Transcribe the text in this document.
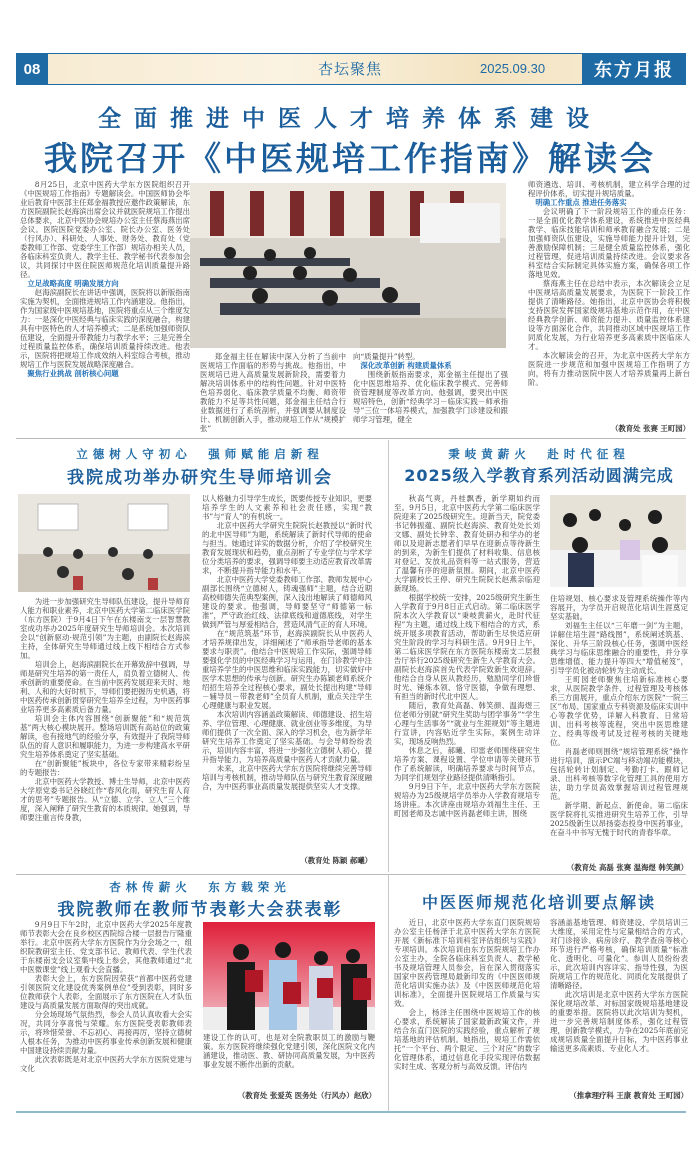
08	杏坛聚焦	2025.09.30	东方月报
全面推进中医人才培养体系建设
我院召开《中医规培工作指南》解读会

8月25日，北京中医药大学东方医院组织召开《中医规培工作指南》专题解读会。中国医师协会毕业后教育中医部主任郑金福教授应邀作政策解读，东方医院副院长赵海滨出席会议并就医院规培工作提出总体要求，北京中医协会规培办公室主任蔡海燕出席会议。医院医院党委办公室、院长办公室、医务处（行风办）、科研处、人事处、财务处、教育处（党委教师工作部、党委学生工作部）规培办相关人员，各临床科室负责人、教学主任、教学秘书代表参加会议，共同探讨中医住院医师规范化培训质量提升路径。

立足战略高度 明确发展方向

赵海滨副院长在讲话中强调，医院将以新版指南实施为契机，全面推进规培工作内涵建设。他指出，作为国家级中医规培基地，医院将重点从三个维度发力：一是深化中医经典与临床实践的深度融合，构建具有中医特色的人才培养模式；二是系统加强师资队伍建设，全面提升带教能力与教学水平；三是完善全过程质量监控体系，确保培训质量持续改进。他表示，医院将把规培工作成效纳入科室综合考核，推动规培工作与医院发展战略深度融合。

聚焦行业挑战 剖析核心问题

郑金福主任在解读中深入分析了当前中医规培工作面临的形势与挑战。他指出，中医规培已进入高质量发展新阶段，需要着力解决培训体系中的结构性问题。针对中医特色培养弱化、临床教学质量不均衡、师资带教能力不足等共性问题，郑金福主任结合行业数据进行了系统剖析，并强调要从制度设计、机制创新入手，推动规培工作从“规模扩张”

向“质量提升”转型。

深化改革创新 构建质量体系

围绕新版指南要求，郑金福主任提出了强化中医思维培养、优化临床教学模式、完善师资管理制度等改革方向。他强调，要突出中医规培特色，创新“经典学习－临床实践－师承指导”三位一体培养模式，加强教学门诊建设和跟师学习管理，健全

师资遴选、培训、考核机制，建立科学合理的过程评价体系，切实提升规培质量。

明确工作重点 推进任务落实

会议明确了下一阶段规培工作的重点任务：一是全面优化教学体系建设，系统推进中医经典教学、临床技能培训和师承教育融合发展；二是加强师资队伍建设，实施导师能力提升计划，完善激励保障机制；三是健全质量监控体系，强化过程管理，促进培训质量持续改进。会议要求各科室结合实际制定具体实施方案，确保各项工作落地见效。

蔡海燕主任在总结中表示，本次解读会立足中医规培高质量发展要求，为医院下一阶段工作提供了清晰路径。她指出，北京中医协会将积极支持医院发挥国家级规培基地示范作用，在中医经典教学创新、师资能力提升、质量监控体系建设等方面深化合作，共同推动区域中医规培工作同质化发展，为行业培养更多高素质中医临床人才。

本次解读会的召开，为北京中医药大学东方医院进一步规范和加强中医规培工作指明了方向，将有力推动医院中医人才培养质量再上新台阶。

（教育处 张赛 王町园）
立德树人守初心　强师赋能启新程
我院成功举办研究生导师培训会

为进一步加强研究生导师队伍建设，提升导师育人能力和职业素养，北京中医药大学第二临床医学院（东方医院）于9月4日下午在东楼南支一层智慧教室成功举办2025年度研究生导师培训会。本次培训会以“创新驱动·规范引领”为主题，由副院长赵海滨主持，全体研究生导师通过线上线下相结合方式参加。

培训会上，赵海滨副院长在开幕致辞中强调，导师是研究生培养的第一责任人，肩负着立德树人、传承创新的重要使命。在当前中医药发展迎来天时、地利、人和的大好时机下，导师们要把握历史机遇，将中医药传承创新贯穿研究生培养全过程，为中医药事业培养更多高素质后备力量。

培训会主体内容围绕“创新聚能”和“规范筑基”两大核心模块展开。整场培训既有高站位的政策解读，也有接地气的经验分享，有效提升了我院导师队伍的育人意识和履职能力，为进一步构建高水平研究生培养体系奠定了坚实基础。

在“创新聚能”板块中，各位专家带来精彩纷呈的专题报告：

北京中医药大学教授、博士生导师，北京中医药大学原党委书记谷晓红作“春风化雨，研究生育人育才的思考”专题报告。从“立德、立学、立人”三个维度，深入阐释了研究生教育的本质规律。她强调，导师要注重言传身教，

以人格魅力引导学生成长，既要传授专业知识，更要培养学生的人文素养和社会责任感，实现“教书”与“育人”的有机统一。

北京中医药大学研究生院院长赵教授以“新时代的北中医导师”为题，系统解读了新时代导师的使命与担当。她通过详实的数据分析，介绍了学校研究生教育发展现状和趋势，重点剖析了专业学位与学术学位分类培养的要求，强调导师要主动适应教育改革需求，不断提升指导能力和水平。

北京中医药大学党委教师工作部、教师发展中心副部长围绕“立德树人，铸魂强师”主题，结合近期高校师德失范典型案例，深入浅出地解读了师德师风建设的要求。他强调，导师要坚守“师德第一标准”，严守政治红线、法律底线和道德底线，对学生做到严管与厚爱相结合，营造风清气正的育人环境。

在“规范筑基”环节，赵海滨副院长从中医药人才培养规律出发，详细阐述了“师承指导老师的基本要求与职责”。他结合中医规培工作实际，强调导师要强化学员的中医经典学习与运用，在门诊教学中注重培养学生的中医思维和临床实践能力，切实做好中医学术思想的传承与创新。研究生办陈颖老师系统介绍招生培养全过程核心要求，副处长提出构建“导师－辅导员－带教老师”全员育人机制，重点关注学生心理健康与职业发展。

本次培训内容涵盖政策解读、师德建设、招生培养、学位管理、心理健康、就业创业等多维度，为导师们提供了一次全面、深入的学习机会，也为新学年研究生培养工作奠定了坚实基础。与会导师纷纷表示，培训内容丰富，将进一步强化立德树人初心，提升指导能力，为培养高质量中医药人才贡献力量。

未来，北京中医药大学东方医院将继续完善导师培训与考核机制，推动导师队伍与研究生教育深度融合，为中医药事业高质量发展提供坚实人才支撑。

（教育处 陈颖 郝曦）
秉岐黄薪火　赴时代征程
2025级入学教育系列活动圆满完成

秋高气爽，丹桂飘香，新学期如约而至。9月5日，北京中医药大学第二临床医学院迎来了2025级研究生。迎新当天，院党委书记韩振蕴、副院长赵海滨、教育处处长刘文娜、副处长钟幸、教育处研办和学办的老师以及迎新志愿者们早早在迎新点等待新生的到来，为新生们提供了材料收集、信息核对登记、发放礼品资料等一站式服务，营造了温馨有序的迎新氛围。期间，北京中医药大学副校长王停、研究生院院长赵燕亲临迎新现场。

根据学校统一安排，2025级研究生新生入学教育于9月8日正式启动。第二临床医学院本次入学教育以“秉岐黄薪火，赴时代征程”为主题，通过线上线下相结合的方式，系统开展多项教育活动，帮助新生尽快适应研究生阶段的学习与科研生活。9月9日上午，第二临床医学院在东方医院东楼南支二层报告厅举行2025级研究生新生入学教育大会。副院长赵海滨首先代表学院致新生欢迎辞。他结合自身从医从教经历，勉励同学们珍惜时光、锤炼本领、恪守医德，争做有理想、有担当的新时代北中医人。

随后，教育处高磊、韩笑颜、温海煜三位老师分别就“研究生奖助与团学事务”“学生心理与生活事务”“就业与生涯规划”等主题进行宣讲，内容贴近学生实际，案例生动详实，现场反响热烈。

休息之后，郝曦、印雷老师围绕研究生培养方案、课程设置、学位申请等关键环节作了系统解读，明确培养要求与时间节点，为同学们规划学业路径提供清晰指引。

9月9日下午，北京中医药大学东方医院规培办为25级规培学员举办入学教育规培专场讲座。本次讲座由规培办刘福生主任、王町园老师及志诚中医肖磊老师主讲，围绕

住培规划、核心要求及管理系统操作等内容展开，为学员开启规范化培训生涯奠定坚实基础。

刘福生主任以“三年磨一剑”为主题，详解住培生涯“路线图”，系统阐述筑基、深化、升华三阶段核心任务，强调中医经典学习与临床思维融合的重要性，并分享思维增值、能力提升等四大“增值秘笈”，引导学员化被动轮转为主动成长。

王町园老师聚焦住培新标准核心要求，从医院教学条件、过程管理及考核体系三方面展开，重点介绍东方医院“一院三区”布局、国家重点专科资源及临床实训中心等教学优势，详解入科教育、日常培训、出科考核等流程，突出中医思维建立、经典等级考试及过程考核的关键地位。

肖磊老师则围绕“规培管理系统”操作进行培训，演示PC端与移动端功能模块，包括轮转计划制定、考勤打卡、跟师记录、出科考核等数字化管理工具的使用方法，助力学员高效掌握培训过程管理规范。

新学期、新起点、新使命。第二临床医学院将扎实推进研究生培养工作，引导2025级新生以昂扬姿态投身中医药事业，在奋斗中书写无愧于时代的青春华章。

（教育处 高磊 张赛 温海煜 韩笑颜）
杏林传薪火　东方载荣光
我院教师在教师节表彰大会获表彰

9月9日下午2时，北京中医药大学2025年度教师节表彰大会在良乡校区西院综合楼一层报告厅隆重举行。北京中医药大学东方医院作为分会场之一，组织院教研室主任、党支部书记、教师代表、学生代表于东楼南支会议室集中线上参会，其他教师通过“北中医微课堂”线上观看大会直播。

表彰大会上，东方医院因荣获“首都中医药党建引领医院文化建设优秀案例单位”受到表彰，同时多位教师获个人表彰，全面展示了东方医院在人才队伍建设与高质量发展方面取得的突出成就。

分会场现场气氛热烈，参会人员认真收看大会实况，共同分享喜悦与荣耀。东方医院受表彰教师表示，将珍惜荣誉、不忘初心、再接再厉，坚持立德树人根本任务，为推动中医药事业传承创新发展和健康中国建设持续贡献力量。

此次表彰既是对北京中医药大学东方医院党建与文化

建设工作的认可，也是对全院教职员工的激励与鞭策。东方医院将继续强化党建引领，深化医院文化内涵建设，推动医、教、研协同高质量发展，为中医药事业发展不断作出新的贡献。

（教育处 张爱英 医务处（行风办）赵欣）
中医医师规范化培训要点解读

近日，北京中医药大学东直门医院规培办公室主任杨泽于北京中医药大学东方医院开展《新标准下培训科室评估组织与实践》专项培训。本次培训由东方医院规培工作办公室主办，全院各临床科室负责人、教学秘书及规培管理人员参会，旨在深入贯彻落实国家中医药管理局最新印发的《中医医师规范化培训实施办法》及《中医医师规范化培训标准》，全面提升医院规培工作质量与实效。

会上，杨泽主任围绕中医规培工作的核心要求，系统解读了国家最新政策文件，并结合东直门医院的实践经验，重点解析了规培基地的评估机制。她指出，规培工作需依托“一个平台、两个限定、三个对应”的数字化管理体系，通过信息化手段实现评估数据实时生成、客观分析与高效反馈。评估内

容涵盖基地管理、师资建设、学员培训三大维度，采用定性与定量相结合的方式，对门诊接诊、病房诊疗、教学查房等核心环节进行严格考核，确保培训质量“标准化、透明化、可量化”。参训人员纷纷表示，此次培训内容详实、指导性强，为医院规培工作的规范化、同质化发展提供了清晰路径。

此次培训是北京中医药大学东方医院深化规培改革、对标国家级规培基地建设的重要举措。医院将以此次培训为契机，进一步完善规培制度体系，强化过程管理，创新教学模式，力争在2025年底前完成规培质量全面提升目标，为中医药事业输送更多高素质、专业化人才。

（推拿理疗科 王康 教育处 王町园）
